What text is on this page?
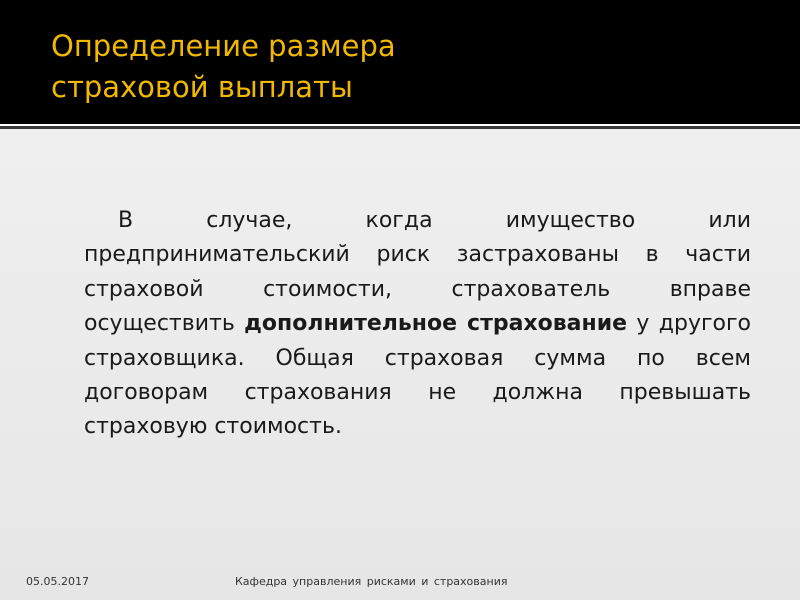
Определение размера
страховой выплаты

В случае, когда имущество или предпринимательский риск застрахованы в части страховой стоимости, страхователь вправе осуществить дополнительное страхование у другого страховщика. Общая страховая сумма по всем договорам страхования не должна превышать страховую стоимость.

05.05.2017	Кафедра управления рисками и страхования
